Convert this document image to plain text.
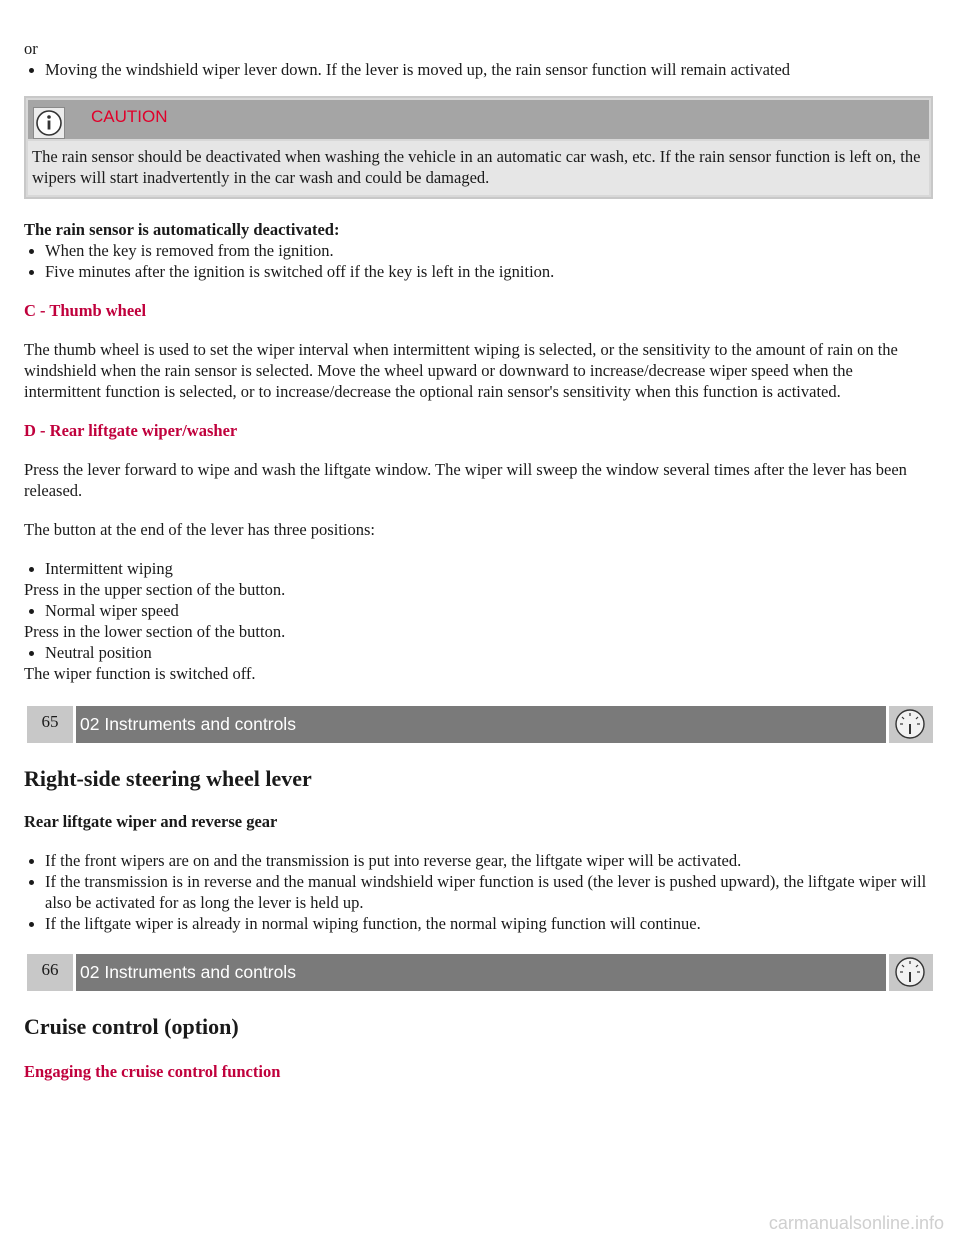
or

Moving the windshield wiper lever down. If the lever is moved up, the rain sensor function will remain activated
CAUTION
The rain sensor should be deactivated when washing the vehicle in an automatic car wash, etc. If the rain sensor function is left on, the wipers will start inadvertently in the car wash and could be damaged.

The rain sensor is automatically deactivated:

When the key is removed from the ignition.
Five minutes after the ignition is switched off if the key is left in the ignition.

C - Thumb wheel

The thumb wheel is used to set the wiper interval when intermittent wiping is selected, or the sensitivity to the amount of rain on the windshield when the rain sensor is selected. Move the wheel upward or downward to increase/decrease wiper speed when the intermittent function is selected, or to increase/decrease the optional rain sensor's sensitivity when this function is activated.

D - Rear liftgate wiper/washer

Press the lever forward to wipe and wash the liftgate window. The wiper will sweep the window several times after the lever has been released.

The button at the end of the lever has three positions:

Intermittent wiping

Press in the upper section of the button.

Normal wiper speed

Press in the lower section of the button.

Neutral position

The wiper function is switched off.

65	02 Instruments and controls

Right-side steering wheel lever

Rear liftgate wiper and reverse gear

If the front wipers are on and the transmission is put into reverse gear, the liftgate wiper will be activated.
If the transmission is in reverse and the manual windshield wiper function is used (the lever is pushed upward), the liftgate wiper will also be activated for as long the lever is held up.
If the liftgate wiper is already in normal wiping function, the normal wiping function will continue.
66	02 Instruments and controls

Cruise control (option)

Engaging the cruise control function

carmanualsonline.info
